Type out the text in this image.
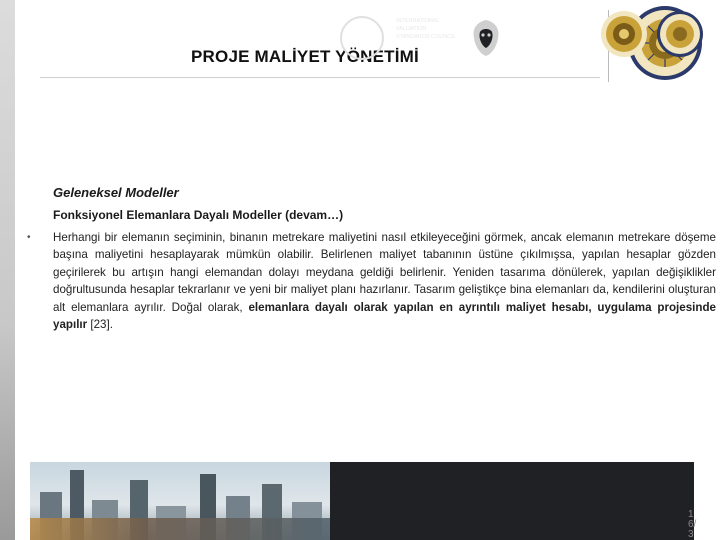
PROJE MALİYET YÖNETİMİ
Geleneksel Modeller
Fonksiyonel Elemanlara Dayalı Modeller (devam…)
• Herhangi bir elemanın seçiminin, binanın metrekare maliyetini nasıl etkileyeceğini görmek, ancak elemanın metrekare döşeme başına maliyetini hesaplayarak mümkün olabilir. Belirlenen maliyet tabanının üstüne çıkılmışsa, yapılan hesaplar gözden geçirilerek bu artışın hangi elemandan dolayı meydana geldiği belirlenir. Yeniden tasarıma dönülerek, yapılan değişiklikler doğrultusunda hesaplar tekrarlanır ve yeni bir maliyet planı hazırlanır. Tasarım geliştikçe bina elemanları da, kendilerini oluşturan alt elemanlara ayrılır. Doğal olarak, elemanlara dayalı olarak yapılan en ayrıntılı maliyet hesabı, uygulama projesinde yapılır [23].
IVSC
INTERNATIONAL VALUATION STANDARDS COUNCIL RICS
1
6/
3
